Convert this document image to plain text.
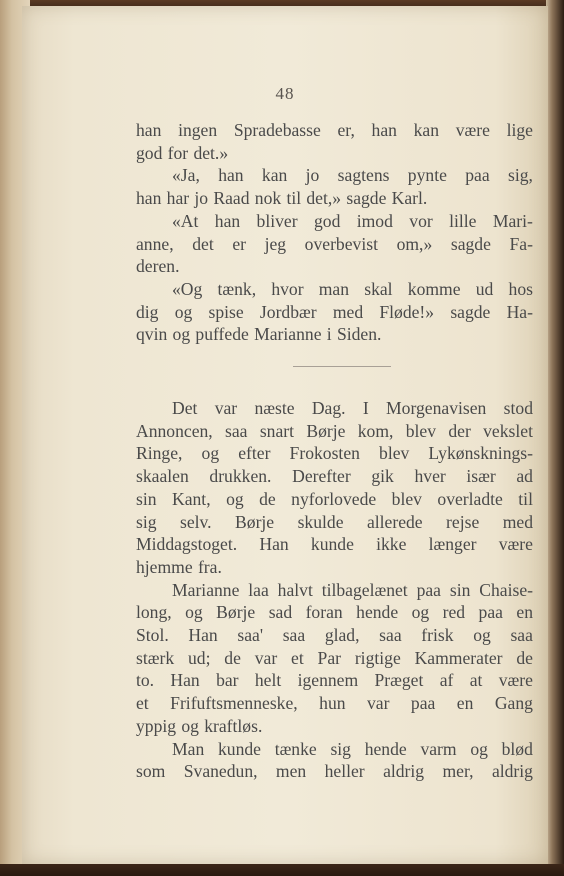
48
han ingen Spradebasse er, han kan være lige
god for det.»
«Ja, han kan jo sagtens pynte paa sig,
han har jo Raad nok til det,» sagde Karl.
«At han bliver god imod vor lille Mari-
anne, det er jeg overbevist om,» sagde Fa-
deren.
«Og tænk, hvor man skal komme ud hos
dig og spise Jordbær med Fløde!» sagde Ha-
qvin og puffede Marianne i Siden.
Det var næste Dag. I Morgenavisen stod
Annoncen, saa snart Børje kom, blev der vekslet
Ringe, og efter Frokosten blev Lykønsknings-
skaalen drukken. Derefter gik hver især ad
sin Kant, og de nyforlovede blev overladte til
sig selv. Børje skulde allerede rejse med
Middagstoget. Han kunde ikke længer være
hjemme fra.
Marianne laa halvt tilbagelænet paa sin Chaise-
long, og Børje sad foran hende og red paa en
Stol. Han saa' saa glad, saa frisk og saa
stærk ud; de var et Par rigtige Kammerater de
to. Han bar helt igennem Præget af at være
et Frifuftsmenneske, hun var paa en Gang
yppig og kraftløs.
Man kunde tænke sig hende varm og blød
som Svanedun, men heller aldrig mer, aldrig
